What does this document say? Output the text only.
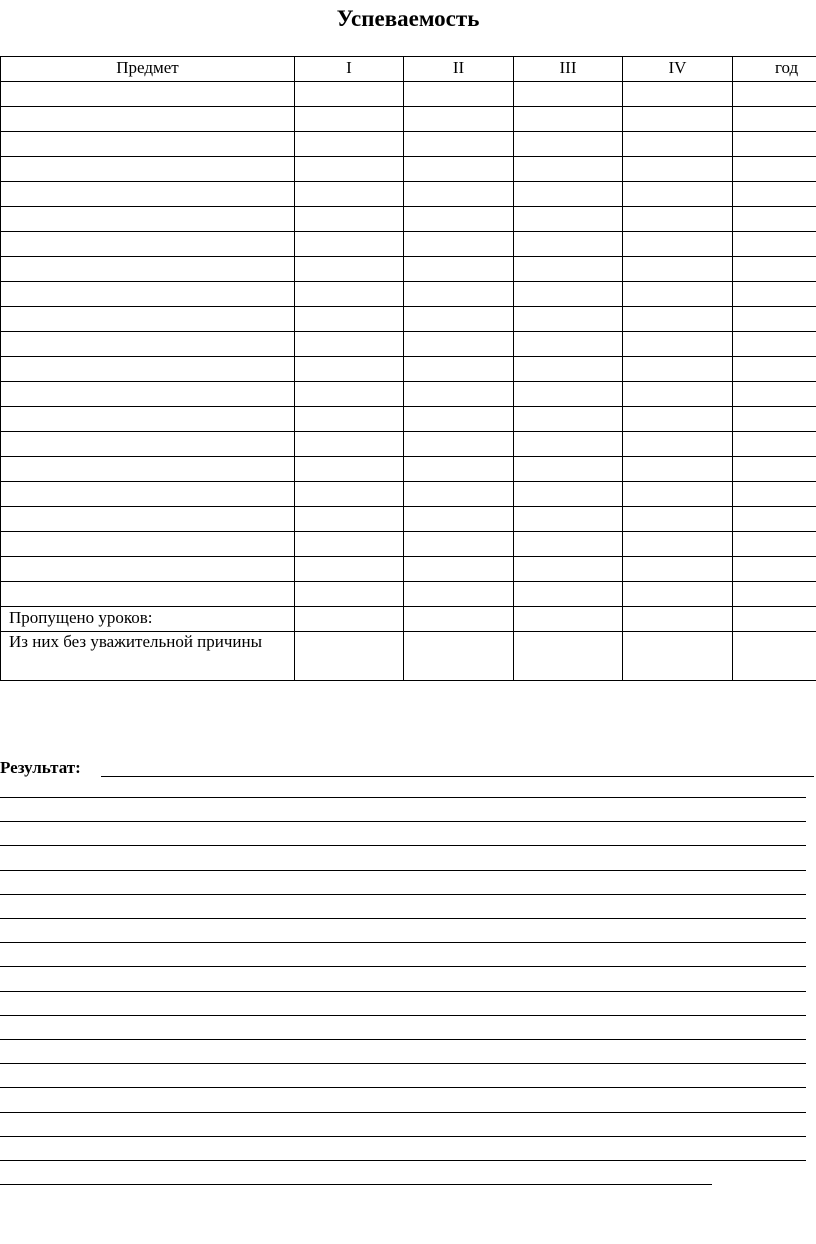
Успеваемость
Предмет	I	II	III	IV	год

Пропущено уроков:					
Из них без уважительной причины					
Результат:
